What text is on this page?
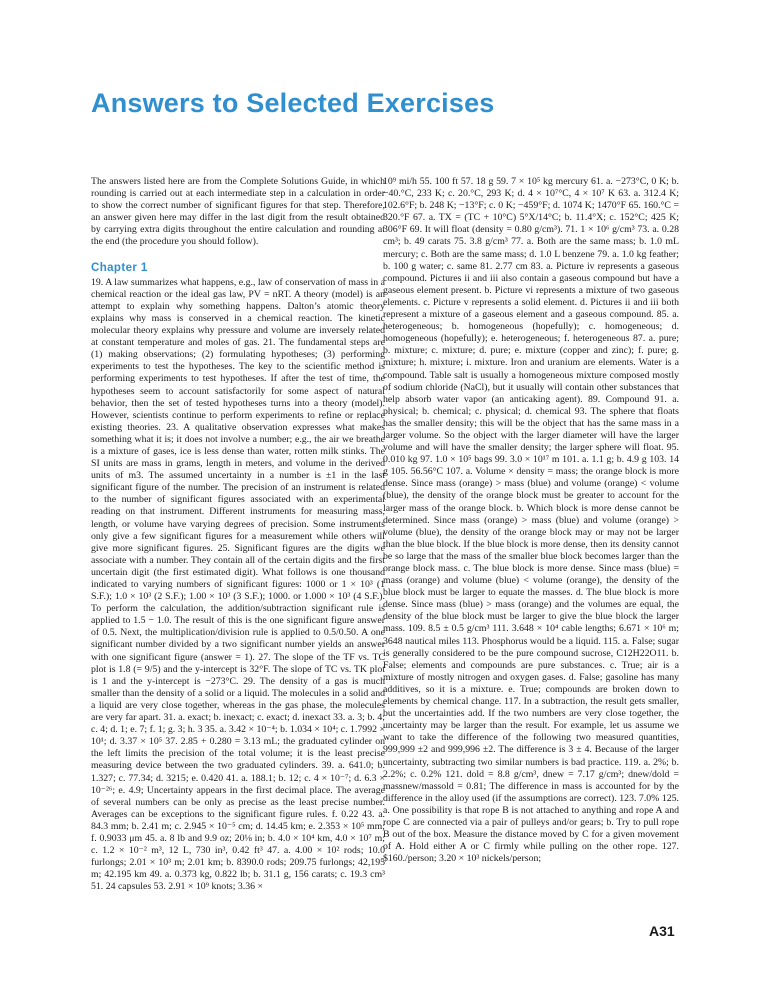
Answers to Selected Exercises

The answers listed here are from the Complete Solutions Guide, in which rounding is carried out at each intermediate step in a calculation in order to show the correct number of significant figures for that step. Therefore, an answer given here may differ in the last digit from the result obtained by carrying extra digits throughout the entire calculation and rounding at the end (the procedure you should follow).

Chapter 1

19. A law summarizes what happens, e.g., law of conservation of mass in a chemical reaction or the ideal gas law, PV = nRT. A theory (model) is an attempt to explain why something happens. Dalton’s atomic theory explains why mass is conserved in a chemical reaction. The kinetic molecular theory explains why pressure and volume are inversely related at constant temperature and moles of gas. 21. The fundamental steps are (1) making observations; (2) formulating hypotheses; (3) performing experiments to test the hypotheses. The key to the scientific method is performing experiments to test hypotheses. If after the test of time, the hypotheses seem to account satisfactorily for some aspect of natural behavior, then the set of tested hypotheses turns into a theory (model). However, scientists continue to perform experiments to refine or replace existing theories. 23. A qualitative observation expresses what makes something what it is; it does not involve a number; e.g., the air we breathe is a mixture of gases, ice is less dense than water, rotten milk stinks. The SI units are mass in grams, length in meters, and volume in the derived units of m3. The assumed uncertainty in a number is ±1 in the last significant figure of the number. The precision of an instrument is related to the number of significant figures associated with an experimental reading on that instrument. Different instruments for measuring mass, length, or volume have varying degrees of precision. Some instruments only give a few significant figures for a measurement while others will give more significant figures. 25. Significant figures are the digits we associate with a number. They contain all of the certain digits and the first uncertain digit (the first estimated digit). What follows is one thousand indicated to varying numbers of significant figures: 1000 or 1 × 10³ (1 S.F.); 1.0 × 10³ (2 S.F.); 1.00 × 10³ (3 S.F.); 1000. or 1.000 × 10³ (4 S.F.). To perform the calculation, the addition/subtraction significant rule is applied to 1.5 − 1.0. The result of this is the one significant figure answer of 0.5. Next, the multiplication/division rule is applied to 0.5/0.50. A one significant number divided by a two significant number yields an answer with one significant figure (answer = 1). 27. The slope of the TF vs. TC plot is 1.8 (= 9/5) and the y-intercept is 32°F. The slope of TC vs. TK plot is 1 and the y-intercept is −273°C. 29. The density of a gas is much smaller than the density of a solid or a liquid. The molecules in a solid and a liquid are very close together, whereas in the gas phase, the molecules are very far apart. 31. a. exact; b. inexact; c. exact; d. inexact 33. a. 3; b. 4; c. 4; d. 1; e. 7; f. 1; g. 3; h. 3 35. a. 3.42 × 10⁻⁴; b. 1.034 × 10⁴; c. 1.7992 × 10¹; d. 3.37 × 10⁵ 37. 2.85 + 0.280 = 3.13 mL; the graduated cylinder on the left limits the precision of the total volume; it is the least precise measuring device between the two graduated cylinders. 39. a. 641.0; b. 1.327; c. 77.34; d. 3215; e. 0.420 41. a. 188.1; b. 12; c. 4 × 10⁻⁷; d. 6.3 × 10⁻²⁶; e. 4.9; Uncertainty appears in the first decimal place. The average of several numbers can be only as precise as the least precise number. Averages can be exceptions to the significant figure rules. f. 0.22 43. a. 84.3 mm; b. 2.41 m; c. 2.945 × 10⁻⁵ cm; d. 14.45 km; e. 2.353 × 10⁵ mm; f. 0.9033 μm 45. a. 8 lb and 9.9 oz; 20⅛ in; b. 4.0 × 10⁴ km, 4.0 × 10⁷ m; c. 1.2 × 10⁻² m³, 12 L, 730 in³, 0.42 ft³ 47. a. 4.00 × 10² rods; 10.0 furlongs; 2.01 × 10³ m; 2.01 km; b. 8390.0 rods; 209.75 furlongs; 42,195 m; 42.195 km 49. a. 0.373 kg, 0.822 lb; b. 31.1 g, 156 carats; c. 19.3 cm³ 51. 24 capsules 53. 2.91 × 10⁹ knots; 3.36 ×

10⁹ mi/h 55. 100 ft 57. 18 g 59. 7 × 10⁵ kg mercury 61. a. −273°C, 0 K; b. −40.°C, 233 K; c. 20.°C, 293 K; d. 4 × 10⁷°C, 4 × 10⁷ K 63. a. 312.4 K; 102.6°F; b. 248 K; −13°F; c. 0 K; −459°F; d. 1074 K; 1470°F 65. 160.°C = 320.°F 67. a. TX = (TC + 10°C) 5°X/14°C; b. 11.4°X; c. 152°C; 425 K; 306°F 69. It will float (density = 0.80 g/cm³). 71. 1 × 10⁶ g/cm³ 73. a. 0.28 cm³; b. 49 carats 75. 3.8 g/cm³ 77. a. Both are the same mass; b. 1.0 mL mercury; c. Both are the same mass; d. 1.0 L benzene 79. a. 1.0 kg feather; b. 100 g water; c. same 81. 2.77 cm 83. a. Picture iv represents a gaseous compound. Pictures ii and iii also contain a gaseous compound but have a gaseous element present. b. Picture vi represents a mixture of two gaseous elements. c. Picture v represents a solid element. d. Pictures ii and iii both represent a mixture of a gaseous element and a gaseous compound. 85. a. heterogeneous; b. homogeneous (hopefully); c. homogeneous; d. homogeneous (hopefully); e. heterogeneous; f. heterogeneous 87. a. pure; b. mixture; c. mixture; d. pure; e. mixture (copper and zinc); f. pure; g. mixture; h. mixture; i. mixture. Iron and uranium are elements. Water is a compound. Table salt is usually a homogeneous mixture composed mostly of sodium chloride (NaCl), but it usually will contain other substances that help absorb water vapor (an anticaking agent). 89. Compound 91. a. physical; b. chemical; c. physical; d. chemical 93. The sphere that floats has the smaller density; this will be the object that has the same mass in a larger volume. So the object with the larger diameter will have the larger volume and will have the smaller density; the larger sphere will float. 95. 0.010 kg 97. 1.0 × 10⁵ bags 99. 3.0 × 10¹⁷ m 101. a. 1.1 g; b. 4.9 g 103. 14 g 105. 56.56°C 107. a. Volume × density = mass; the orange block is more dense. Since mass (orange) > mass (blue) and volume (orange) < volume (blue), the density of the orange block must be greater to account for the larger mass of the orange block. b. Which block is more dense cannot be determined. Since mass (orange) > mass (blue) and volume (orange) > volume (blue), the density of the orange block may or may not be larger than the blue block. If the blue block is more dense, then its density cannot be so large that the mass of the smaller blue block becomes larger than the orange block mass. c. The blue block is more dense. Since mass (blue) = mass (orange) and volume (blue) < volume (orange), the density of the blue block must be larger to equate the masses. d. The blue block is more dense. Since mass (blue) > mass (orange) and the volumes are equal, the density of the blue block must be larger to give the blue block the larger mass. 109. 8.5 ± 0.5 g/cm³ 111. 3.648 × 10⁴ cable lengths; 6.671 × 10⁶ m; 3648 nautical miles 113. Phosphorus would be a liquid. 115. a. False; sugar is generally considered to be the pure compound sucrose, C12H22O11. b. False; elements and compounds are pure substances. c. True; air is a mixture of mostly nitrogen and oxygen gases. d. False; gasoline has many additives, so it is a mixture. e. True; compounds are broken down to elements by chemical change. 117. In a subtraction, the result gets smaller, but the uncertainties add. If the two numbers are very close together, the uncertainty may be larger than the result. For example, let us assume we want to take the difference of the following two measured quantities, 999,999 ±2 and 999,996 ±2. The difference is 3 ± 4. Because of the larger uncertainty, subtracting two similar numbers is bad practice. 119. a. 2%; b. 2.2%; c. 0.2% 121. dold = 8.8 g/cm³, dnew = 7.17 g/cm³; dnew/dold = massnew/massold = 0.81; The difference in mass is accounted for by the difference in the alloy used (if the assumptions are correct). 123. 7.0% 125. a. One possibility is that rope B is not attached to anything and rope A and rope C are connected via a pair of pulleys and/or gears; b. Try to pull rope B out of the box. Measure the distance moved by C for a given movement of A. Hold either A or C firmly while pulling on the other rope. 127. $160./person; 3.20 × 10³ nickels/person;

A31
